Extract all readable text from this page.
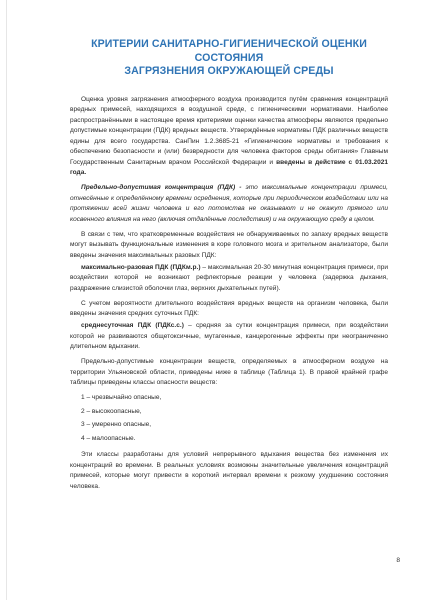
КРИТЕРИИ САНИТАРНО-ГИГИЕНИЧЕСКОЙ ОЦЕНКИ СОСТОЯНИЯ
ЗАГРЯЗНЕНИЯ ОКРУЖАЮЩЕЙ СРЕДЫ

Оценка уровня загрязнения атмосферного воздуха производится путём сравнения концентраций вредных примесей, находящихся в воздушной среде, с гигиеническими нормативами. Наиболее распространёнными в настоящее время критериями оценки качества атмосферы являются предельно допустимые концентрации (ПДК) вредных веществ. Утверждённые нормативы ПДК различных веществ едины для всего государства. СанПин 1.2.3685-21 «Гигиенические нормативы и требования к обеспечению безопасности и (или) безвредности для человека факторов среды обитания» Главным Государственным Санитарным врачом Российской Федерации и введены в действие с 01.03.2021 года.

Предельно-допустимая концентрация (ПДК) - это максимальные концентрации примеси, отнесённые к определённому времени осреднения, которые при периодическом воздействии или на протяжении всей жизни человека и его потомства не оказывают и не окажут прямого или косвенного влияния на него (включая отдалённые последствия) и на окружающую среду в целом.

В связи с тем, что кратковременные воздействия не обнаруживаемых по запаху вредных веществ могут вызывать функциональные изменения в коре головного мозга и зрительном анализаторе, были введены значения максимальных разовых ПДК:

максимально-разовая ПДК (ПДКм.р.) – максимальная 20-30 минутная концентрация примеси, при воздействии которой не возникают рефлекторные реакции у человека (задержка дыхания, раздражение слизистой оболочки глаз, верхних дыхательных путей).

С учетом вероятности длительного воздействия вредных веществ на организм человека, были введены значения средних суточных ПДК:

среднесуточная ПДК (ПДКс.с.) – средняя за сутки концентрация примеси, при воздействии которой не развиваются общетоксичные, мутагенные, канцерогенные эффекты при неограниченно длительном вдыхании.

Предельно-допустимые концентрации веществ, определяемых в атмосферном воздухе на территории Ульяновской области, приведены ниже в таблице (Таблица 1). В правой крайней графе таблицы приведены классы опасности веществ:

1 – чрезвычайно опасные,
2 – высокоопасные,
3 – умеренно опасные,
4 – малоопасные.

Эти классы разработаны для условий непрерывного вдыхания вещества без изменения их концентраций во времени. В реальных условиях возможны значительные увеличения концентраций примесей, которые могут привести в короткий интервал времени к резкому ухудшению состояния человека.

8
